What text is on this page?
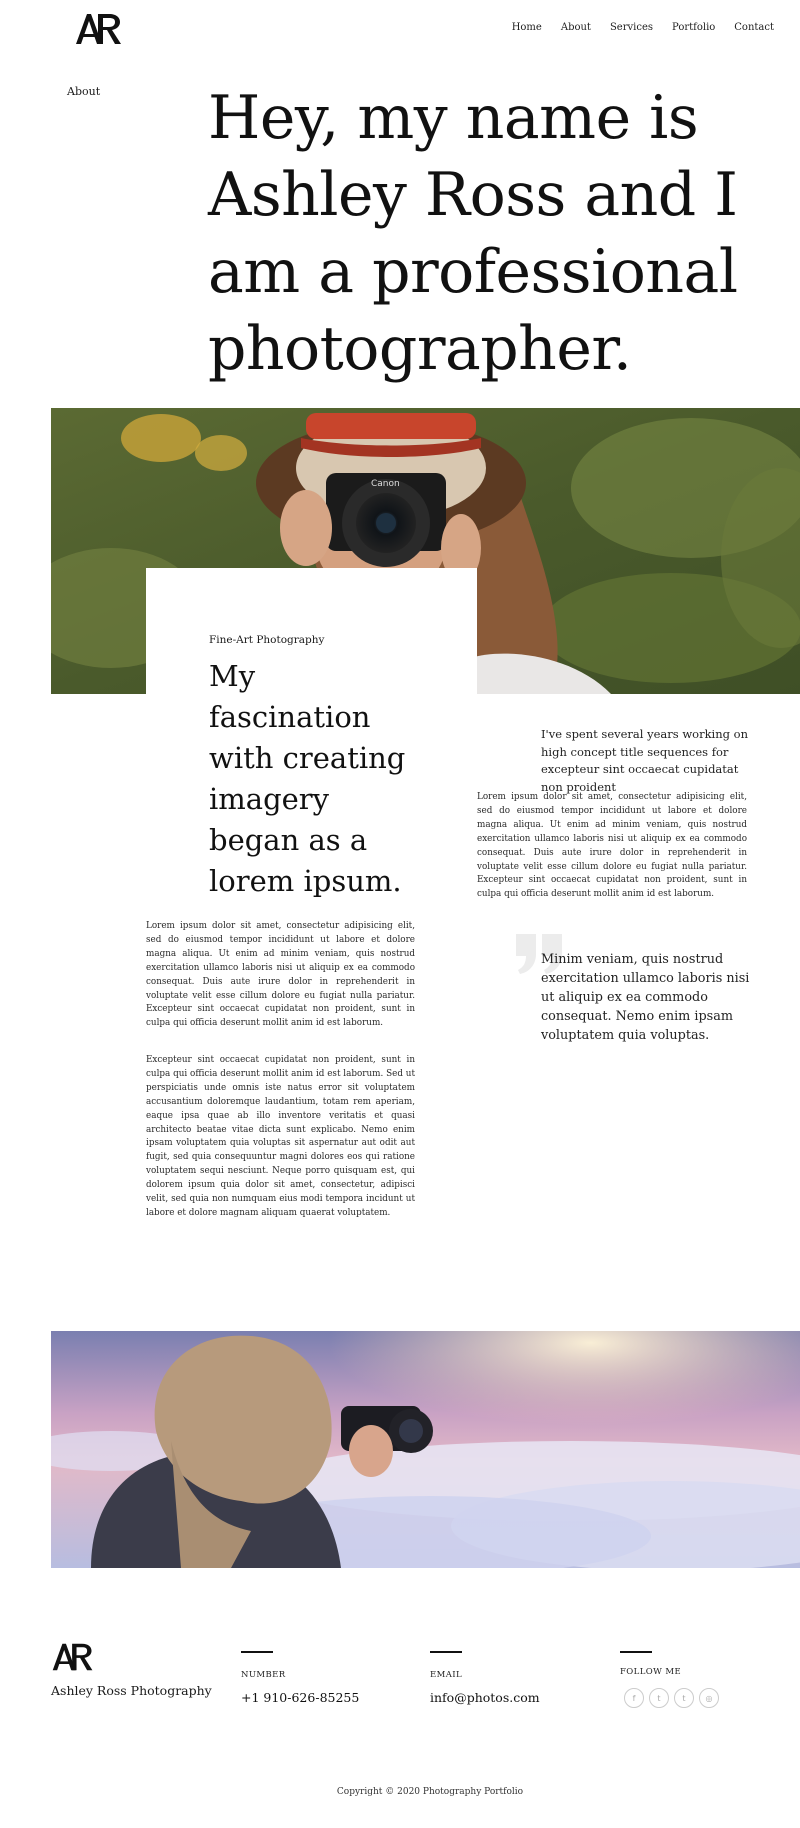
Home About Services Portfolio Contact
About Hey, my name is Ashley Ross and I am a professional photographer.
Canon
Fine-Art Photography
My fascination with creating imagery began as a lorem ipsum.

Lorem ipsum dolor sit amet, consectetur adipisicing elit, sed do eiusmod tempor incididunt ut labore et dolore magna aliqua. Ut enim ad minim veniam, quis nostrud exercitation ullamco laboris nisi ut aliquip ex ea commodo consequat. Duis aute irure dolor in reprehenderit in voluptate velit esse cillum dolore eu fugiat nulla pariatur. Excepteur sint occaecat cupidatat non proident, sunt in culpa qui officia deserunt mollit anim id est laborum.

Excepteur sint occaecat cupidatat non proident, sunt in culpa qui officia deserunt mollit anim id est laborum. Sed ut perspiciatis unde omnis iste natus error sit voluptatem accusantium doloremque laudantium, totam rem aperiam, eaque ipsa quae ab illo inventore veritatis et quasi architecto beatae vitae dicta sunt explicabo. Nemo enim ipsam voluptatem quia voluptas sit aspernatur aut odit aut fugit, sed quia consequuntur magni dolores eos qui ratione voluptatem sequi nesciunt. Neque porro quisquam est, qui dolorem ipsum quia dolor sit amet, consectetur, adipisci velit, sed quia non numquam eius modi tempora incidunt ut labore et dolore magnam aliquam quaerat voluptatem.

I've spent several years working on high concept title sequences for excepteur sint occaecat cupidatat non proident

Lorem ipsum dolor sit amet, consectetur adipisicing elit, sed do eiusmod tempor incididunt ut labore et dolore magna aliqua. Ut enim ad minim veniam, quis nostrud exercitation ullamco laboris nisi ut aliquip ex ea commodo consequat. Duis aute irure dolor in reprehenderit in voluptate velit esse cillum dolore eu fugiat nulla pariatur. Excepteur sint occaecat cupidatat non proident, sunt in culpa qui officia deserunt mollit anim id est laborum.

Minim veniam, quis nostrud exercitation ullamco laboris nisi ut aliquip ex ea commodo consequat. Nemo enim ipsam voluptatem quia voluptas.

Ashley Ross Photography
NUMBER
+1 910-626-85255
EMAIL
info@photos.com
FOLLOW ME
f	t	t	◎
Copyright © 2020 Photography Portfolio
